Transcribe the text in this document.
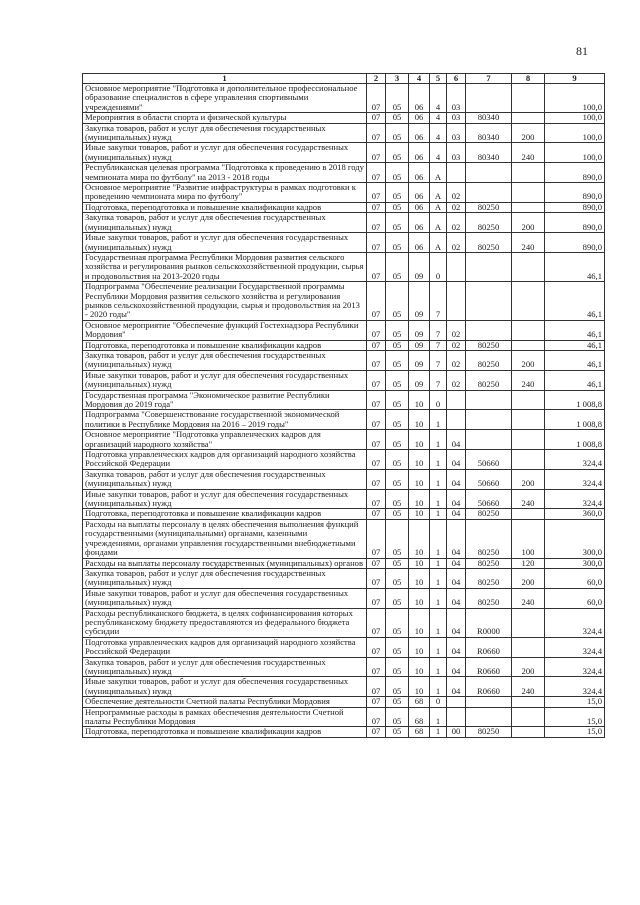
81
1	2	3	4	5	6	7	8	9
Основное мероприятие "Подготовка и дополнительное профессиональное образование специалистов в сфере управления спортивными учреждениями"	07	05	06	4	03			100,0
Мероприятия в области спорта и физической культуры	07	05	06	4	03	80340		100,0
Закупка товаров, работ и услуг для обеспечения государственных (муниципальных) нужд	07	05	06	4	03	80340	200	100,0
Иные закупки товаров, работ и услуг для обеспечения государственных (муниципальных) нужд	07	05	06	4	03	80340	240	100,0
Республиканская целевая программа "Подготовка к проведению в 2018 году чемпионата мира по футболу" на 2013 - 2018 годы	07	05	06	А				890,0
Основное мероприятие "Развитие инфраструктуры в рамках подготовки к проведению чемпионата мира по футболу"	07	05	06	А	02			890,0
Подготовка, переподготовка и повышение квалификации кадров	07	05	06	А	02	80250		890,0
Закупка товаров, работ и услуг для обеспечения государственных (муниципальных) нужд	07	05	06	А	02	80250	200	890,0
Иные закупки товаров, работ и услуг для обеспечения государственных (муниципальных) нужд	07	05	06	А	02	80250	240	890,0
Государственная программа Республики Мордовия развития сельского хозяйства и регулирования рынков сельскохозяйственной продукции, сырья и продовольствия на 2013-2020 годы	07	05	09	0				46,1
Подпрограмма "Обеспечение реализации Государственной программы Республики Мордовия развития сельского хозяйства и регулирования рынков сельскохозяйственной продукции, сырья и продовольствия на 2013 - 2020 годы"	07	05	09	7				46,1
Основное мероприятие "Обеспечение функций Гостехнадзора Республики Мордовия"	07	05	09	7	02			46,1
Подготовка, переподготовка и повышение квалификации кадров	07	05	09	7	02	80250		46,1
Закупка товаров, работ и услуг для обеспечения государственных (муниципальных) нужд	07	05	09	7	02	80250	200	46,1
Иные закупки товаров, работ и услуг для обеспечения государственных (муниципальных) нужд	07	05	09	7	02	80250	240	46,1
Государственная программа "Экономическое развитие Республики Мордовия до 2019 года"	07	05	10	0				1 008,8
Подпрограмма "Совершенствование государственной экономической политики в Республике Мордовия на 2016 – 2019 годы"	07	05	10	1				1 008,8
Основное мероприятие "Подготовка управленческих кадров для организаций народного хозяйства"	07	05	10	1	04			1 008,8
Подготовка управленческих кадров для организаций народного хозяйства Российской Федерации	07	05	10	1	04	50660		324,4
Закупка товаров, работ и услуг для обеспечения государственных (муниципальных) нужд	07	05	10	1	04	50660	200	324,4
Иные закупки товаров, работ и услуг для обеспечения государственных (муниципальных) нужд	07	05	10	1	04	50660	240	324,4
Подготовка, переподготовка и повышение квалификации кадров	07	05	10	1	04	80250		360,0
Расходы на выплаты персоналу в целях обеспечения выполнения функций государственными (муниципальными) органами, казенными учреждениями, органами управления государственными внебюджетными фондами	07	05	10	1	04	80250	100	300,0
Расходы на выплаты персоналу государственных (муниципальных) органов	07	05	10	1	04	80250	120	300,0
Закупка товаров, работ и услуг для обеспечения государственных (муниципальных) нужд	07	05	10	1	04	80250	200	60,0
Иные закупки товаров, работ и услуг для обеспечения государственных (муниципальных) нужд	07	05	10	1	04	80250	240	60,0
Расходы республиканского бюджета, в целях софинансирования которых республиканскому бюджету предоставляются из федерального бюджета субсидии	07	05	10	1	04	R0000		324,4
Подготовка управленческих кадров для организаций народного хозяйства Российской Федерации	07	05	10	1	04	R0660		324,4
Закупка товаров, работ и услуг для обеспечения государственных (муниципальных) нужд	07	05	10	1	04	R0660	200	324,4
Иные закупки товаров, работ и услуг для обеспечения государственных (муниципальных) нужд	07	05	10	1	04	R0660	240	324,4
Обеспечение деятельности Счетной палаты Республики Мордовия	07	05	68	0				15,0
Непрограммные расходы в рамках обеспечения деятельности Счетной палаты Республики Мордовия	07	05	68	1				15,0
Подготовка, переподготовка и повышение квалификации кадров	07	05	68	1	00	80250		15,0
